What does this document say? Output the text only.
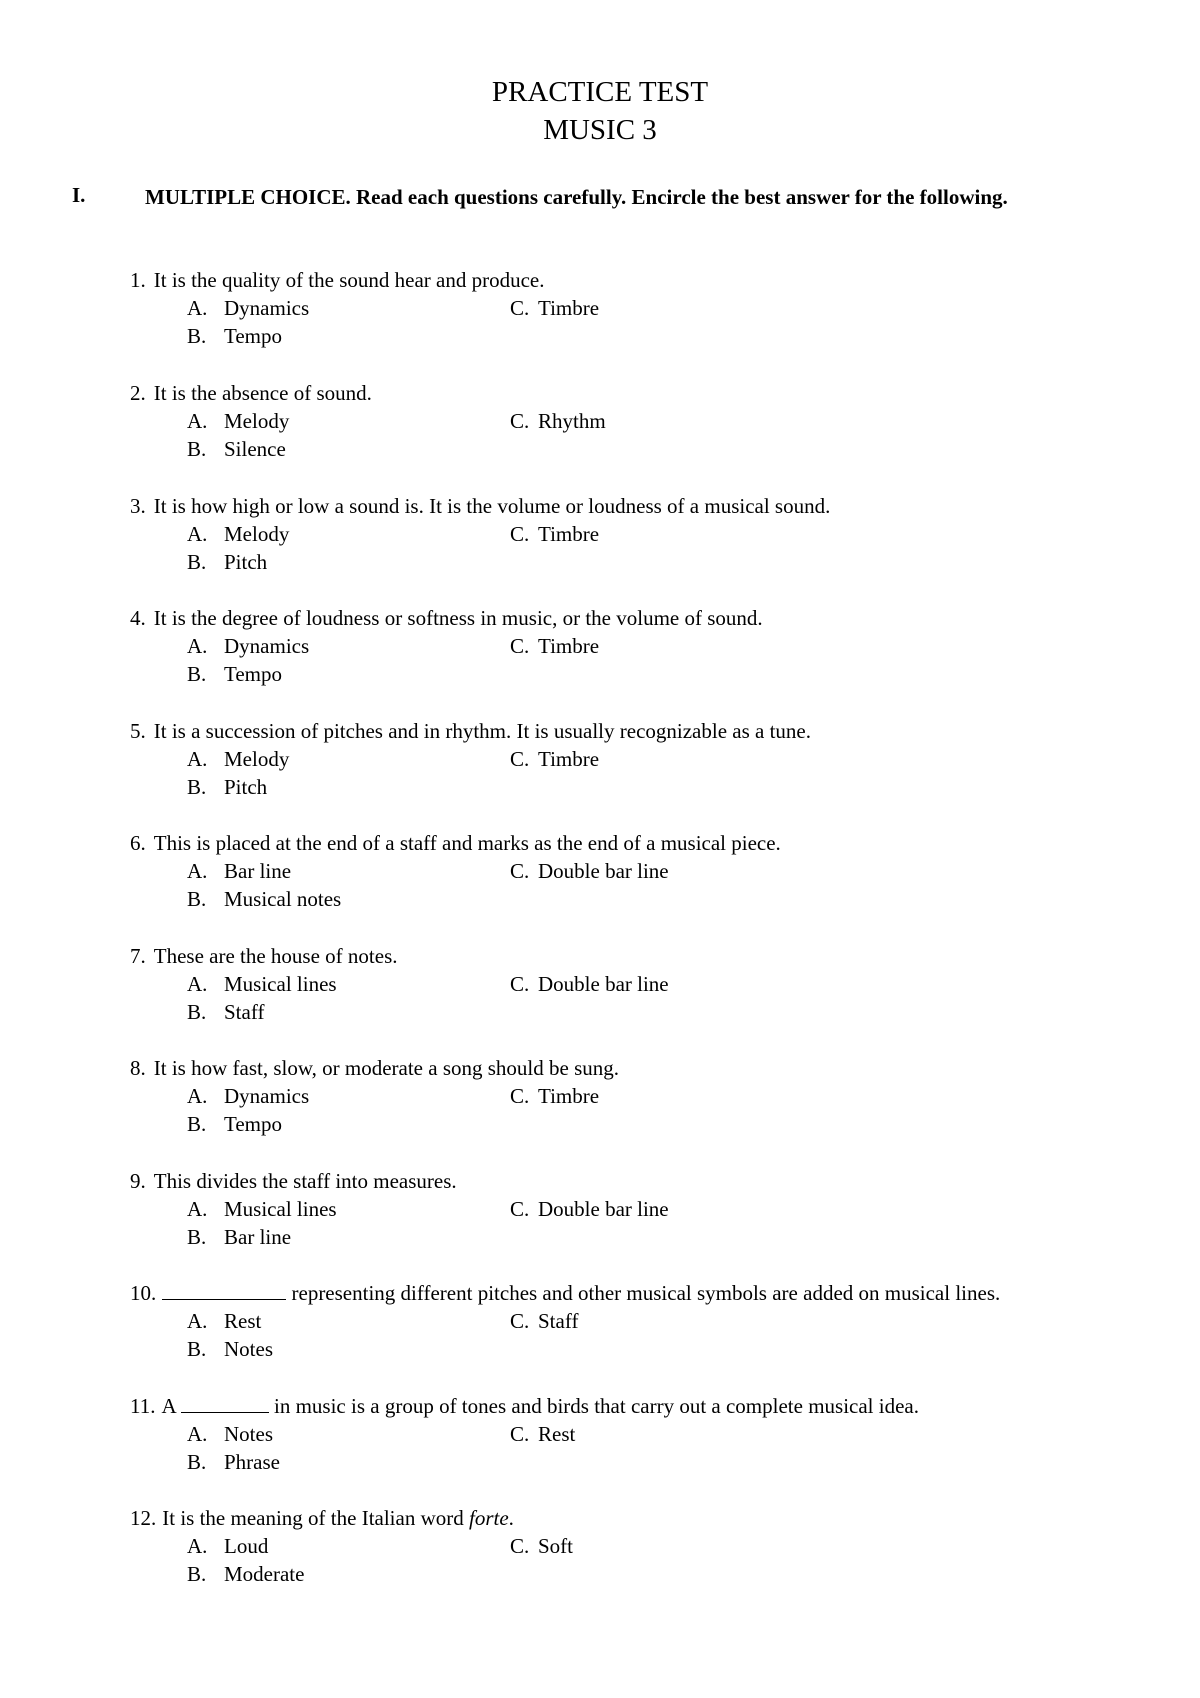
PRACTICE TEST
MUSIC 3
I.	MULTIPLE CHOICE. Read each questions carefully. Encircle the best answer for the following.
1. It is the quality of the sound hear and produce.
A. Dynamics
B. Tempo
C. Timbre
2. It is the absence of sound.
A. Melody
B. Silence
C. Rhythm
3. It is how high or low a sound is. It is the volume or loudness of a musical sound.
A. Melody
B. Pitch
C. Timbre
4. It is the degree of loudness or softness in music, or the volume of sound.
A. Dynamics
B. Tempo
C. Timbre
5. It is a succession of pitches and in rhythm. It is usually recognizable as a tune.
A. Melody
B. Pitch
C. Timbre
6. This is placed at the end of a staff and marks as the end of a musical piece.
A. Bar line
B. Musical notes
C. Double bar line
7. These are the house of notes.
A. Musical lines
B. Staff
C. Double bar line
8. It is how fast, slow, or moderate a song should be sung.
A. Dynamics
B. Tempo
C. Timbre
9. This divides the staff into measures.
A. Musical lines
B. Bar line
C. Double bar line
10.	representing different pitches and other musical symbols are added on musical lines.
A. Rest
B. Notes
C. Staff
11. A	in music is a group of tones and birds that carry out a complete musical idea.
A. Notes
B. Phrase
C. Rest
12. It is the meaning of the Italian word forte.
A. Loud
B. Moderate
C. Soft
